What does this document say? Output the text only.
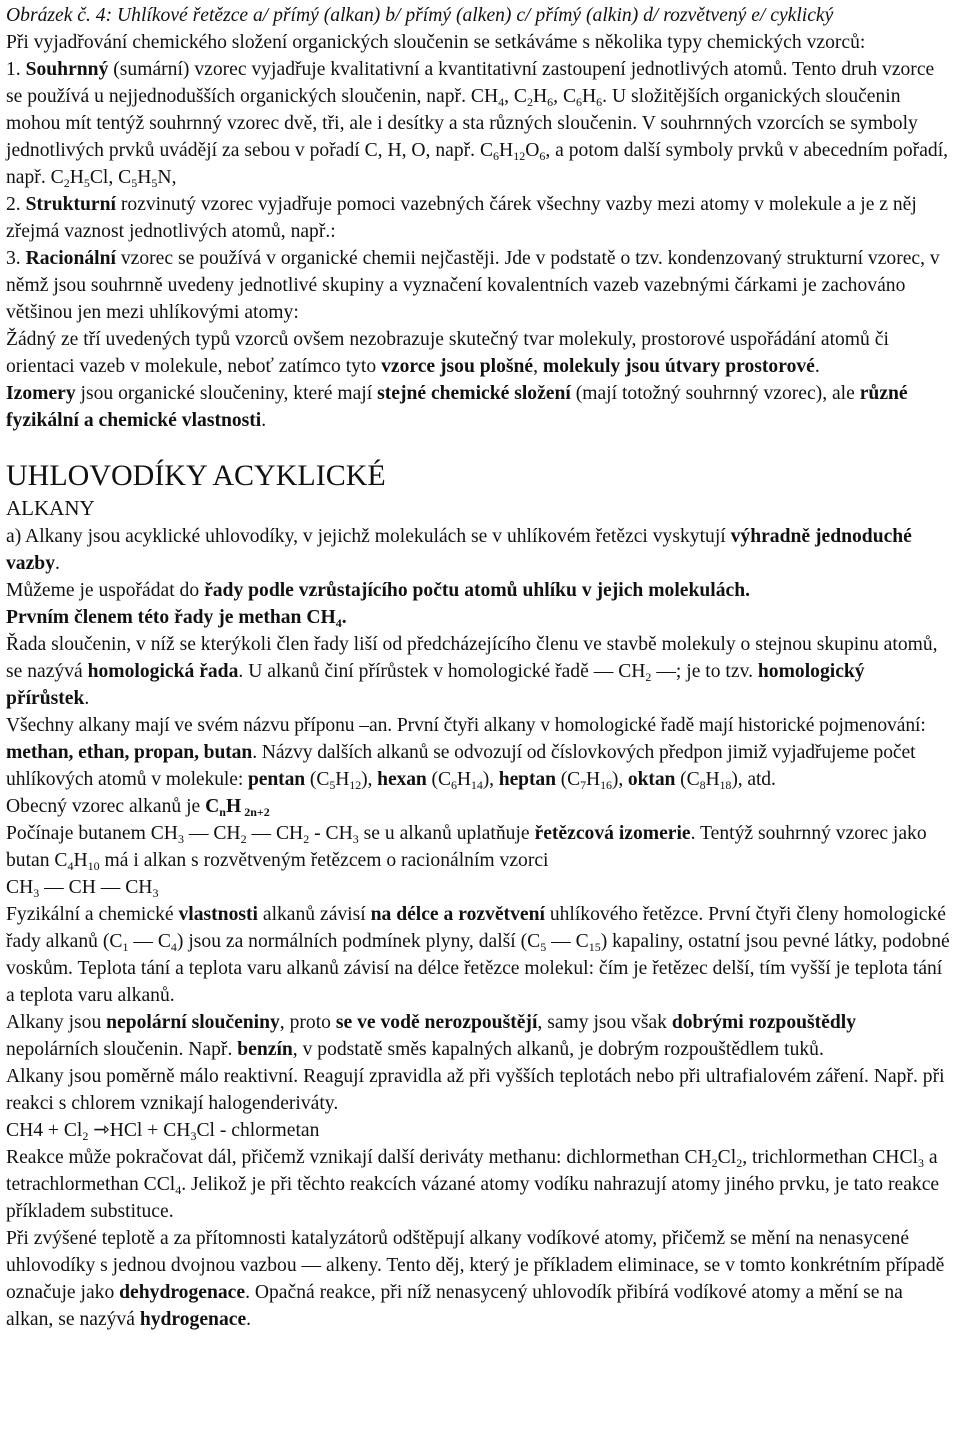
Obrázek č. 4: Uhlíkové řetězce a/ přímý (alkan) b/ přímý (alken) c/ přímý (alkin) d/ rozvětvený e/ cyklický

Při vyjadřování chemického složení organických sloučenin se setkáváme s několika typy chemických vzorců:

1. Souhrnný (sumární) vzorec vyjadřuje kvalitativní a kvantitativní zastoupení jednotlivých atomů. Tento druh vzorce se používá u nejjednodušších organických sloučenin, např. $CH_4$, $C_2H_6$, $C_6H_6$. U složitějších organických sloučenin mohou mít tentýž souhrnný vzorec dvě, tři, ale i desítky a sta různých sloučenin. V souhrnných vzorcích se symboly jednotlivých prvků uvádějí za sebou v pořadí C, H, O, např. $C_6H_{12}O_6$, a potom další symboly prvků v abecedním pořadí, např. $C_2H_5Cl$, $C_5H_5N$,

2. Strukturní rozvinutý vzorec vyjadřuje pomoci vazebných čárek všechny vazby mezi atomy v molekule a je z něj zřejmá vaznost jednotlivých atomů, např.:

3. Racionální vzorec se používá v organické chemii nejčastěji. Jde v podstatě o tzv. kondenzovaný strukturní vzorec, v němž jsou souhrnně uvedeny jednotlivé skupiny a vyznačení kovalentních vazeb vazebnými čárkami je zachováno většinou jen mezi uhlíkovými atomy:

Žádný ze tří uvedených typů vzorců ovšem nezobrazuje skutečný tvar molekuly, prostorové uspořádání atomů či orientaci vazeb v molekule, neboť zatímco tyto vzorce jsou plošné, molekuly jsou útvary prostorové.

Izomery jsou organické sloučeniny, které mají stejné chemické složení (mají totožný souhrnný vzorec), ale různé fyzikální a chemické vlastnosti.

UHLOVODÍKY ACYKLICKÉ
ALKANY

a) Alkany jsou acyklické uhlovodíky, v jejichž molekulách se v uhlíkovém řetězci vyskytují výhradně jednoduché vazby.

Můžeme je uspořádat do řady podle vzrůstajícího počtu atomů uhlíku v jejich molekulách.

Prvním členem této řady je methan $CH_4$.

Řada sloučenin, v níž se kterýkoli člen řady liší od předcházejícího členu ve stavbě molekuly o stejnou skupinu atomů, se nazývá homologická řada. U alkanů činí přírůstek v homologické řadě — $CH_2$ —; je to tzv. homologický přírůstek.

Všechny alkany mají ve svém názvu příponu –an. První čtyři alkany v homologické řadě mají historické pojmenování: methan, ethan, propan, butan. Názvy dalších alkanů se odvozují od číslovkových předpon jimiž vyjadřujeme počet uhlíkových atomů v molekule: pentan $(C_5H_{12})$, hexan $(C_6H_{14})$, heptan $(C_7H_{16})$, oktan $(C_8H_{18})$, atd.

Obecný vzorec alkanů je $C_nH$ $_{2n+2}$

Počínaje butanem $CH_3$ — $CH_2$ — $CH_2 - CH_3$ se u alkanů uplatňuje řetězcová izomerie. Tentýž souhrnný vzorec jako butan $C_4H_{10}$ má i alkan s rozvětveným řetězcem o racionálním vzorci

$CH_3$ — CH — $CH_3$

Fyzikální a chemické vlastnosti alkanů závisí na délce a rozvětvení uhlíkového řetězce. První čtyři členy homologické řady alkanů ($C_1$ — $C_4$) jsou za normálních podmínek plyny, další ($C_5$ — $C_{15}$) kapaliny, ostatní jsou pevné látky, podobné voskům. Teplota tání a teplota varu alkanů závisí na délce řetězce molekul: čím je řetězec delší, tím vyšší je teplota tání a teplota varu alkanů.

Alkany jsou nepolární sloučeniny, proto se ve vodě nerozpouštějí, samy jsou však dobrými rozpouštědly nepolárních sloučenin. Např. benzín, v podstatě směs kapalných alkanů, je dobrým rozpouštědlem tuků.

Alkany jsou poměrně málo reaktivní. Reagují zpravidla až při vyšších teplotách nebo při ultrafialovém záření. Např. při reakci s chlorem vznikají halogenderiváty.

$CH4 + Cl_2$ ⇾HCl + $CH_3Cl$ - chlormetan

Reakce může pokračovat dál, přičemž vznikají další deriváty methanu: dichlormethan $CH_2Cl_2$, trichlormethan CHCl$_3$ a tetrachlormethan CCl$_4$. Jelikož je při těchto reakcích vázané atomy vodíku nahrazují atomy jiného prvku, je tato reakce příkladem substituce.

Při zvýšené teplotě a za přítomnosti katalyzátorů odštěpují alkany vodíkové atomy, přičemž se mění na nenasycené uhlovodíky s jednou dvojnou vazbou — alkeny. Tento děj, který je příkladem eliminace, se v tomto konkrétním případě označuje jako dehydrogenace. Opačná reakce, při níž nenasycený uhlovodík přibírá vodíkové atomy a mění se na alkan, se nazývá hydrogenace.
